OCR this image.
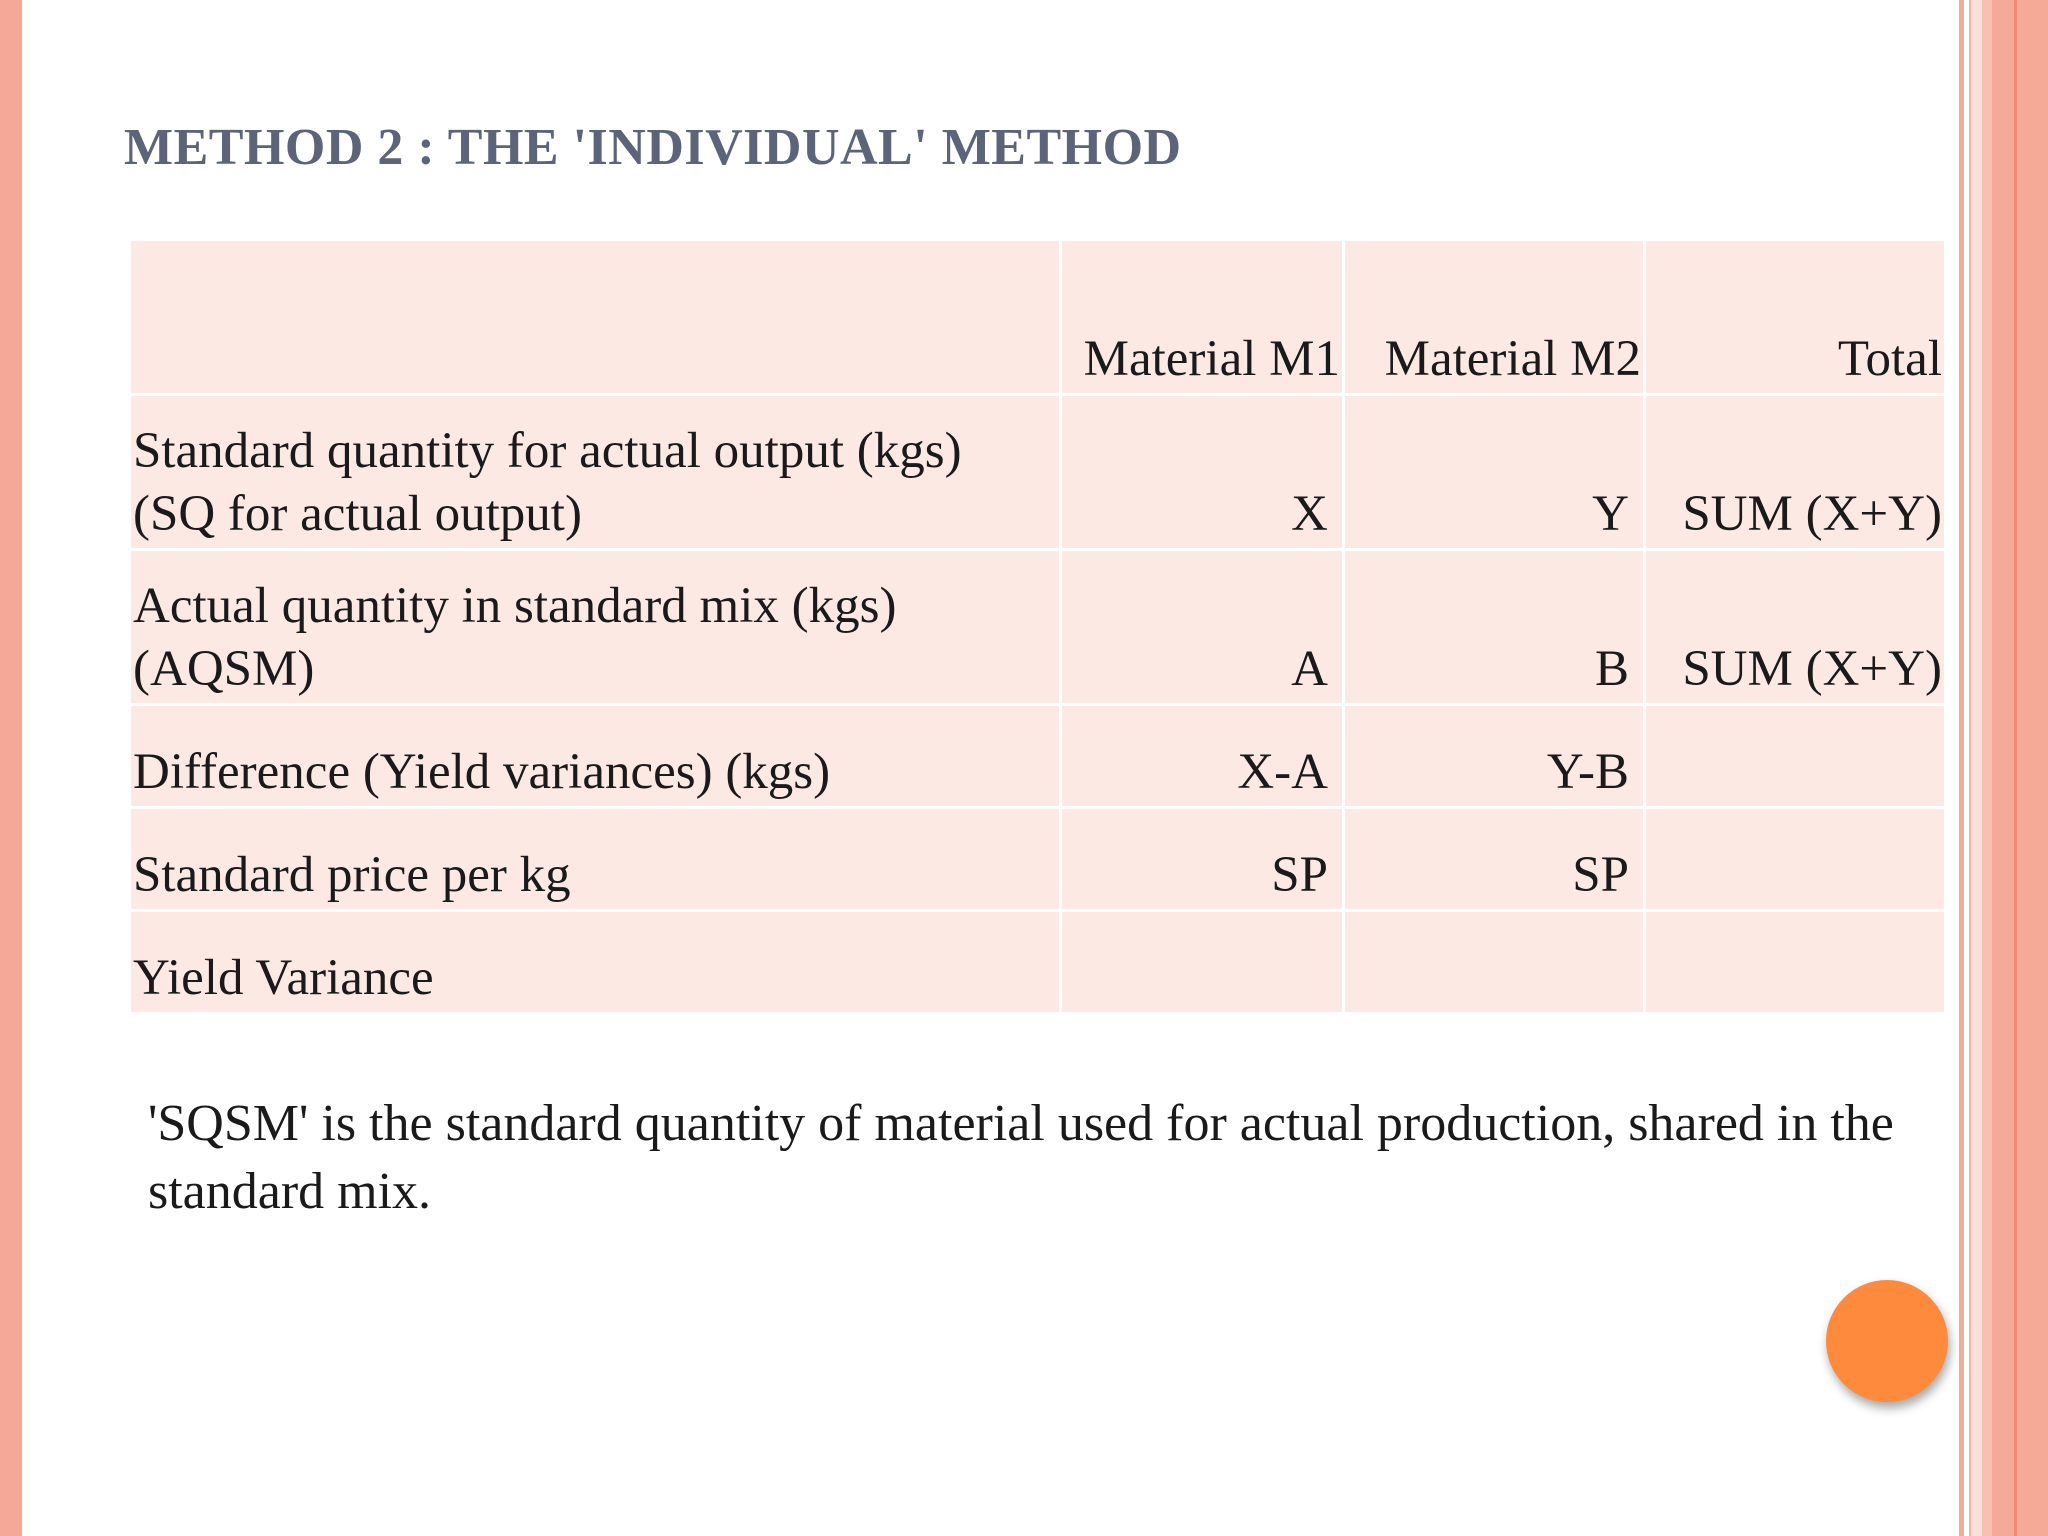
METHOD 2 : THE 'INDIVIDUAL' METHOD
	Material M1	Material M2	Total

Standard quantity for actual output (kgs)
(SQ for actual output)	X	Y	SUM (X+Y)

Actual quantity in standard mix (kgs)
(AQSM)	A	B	SUM (X+Y)
Difference (Yield variances) (kgs)	X-A	Y-B	
Standard price per kg	SP	SP	
Yield Variance			
'SQSM' is the standard quantity of material used for actual production, shared in the standard mix.
